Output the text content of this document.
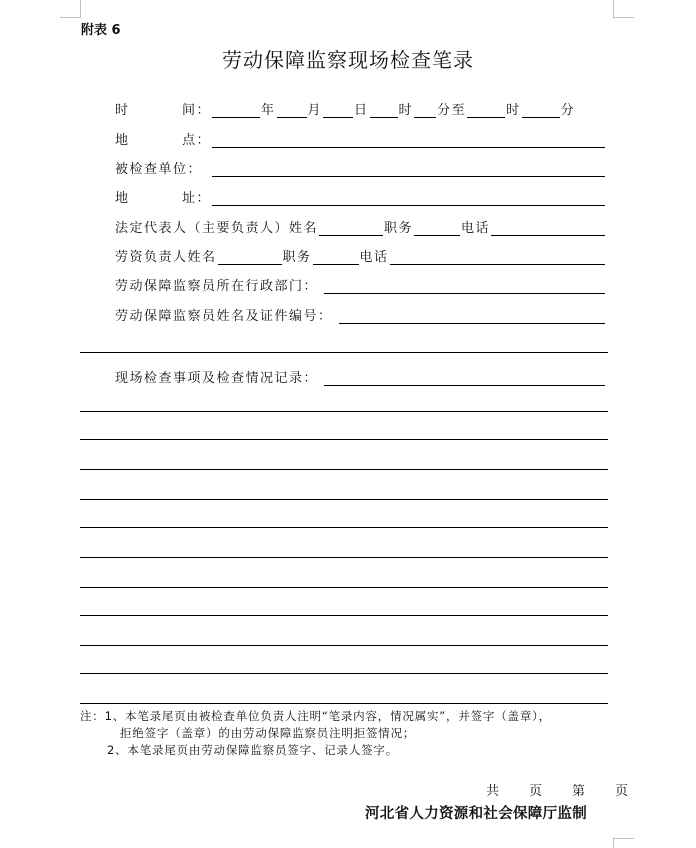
附表 6
劳动保障监察现场检查笔录
时	间：	年 月 日 时 分至	时	分
地	点：
被检查单位：
地	址：
法定代表人（主要负责人）姓名	职务	电话
劳资负责人姓名	职务	电话
劳动保障监察员所在行政部门：
劳动保障监察员姓名及证件编号：
现场检查事项及检查情况记录：
注：1、本笔录尾页由被检查单位负责人注明“笔录内容，情况属实”，并签字（盖章），
拒绝签字（盖章）的由劳动保障监察员注明拒签情况；
2、本笔录尾页由劳动保障监察员签字、记录人签字。
共 页 第 页
河北省人力资源和社会保障厅监制
